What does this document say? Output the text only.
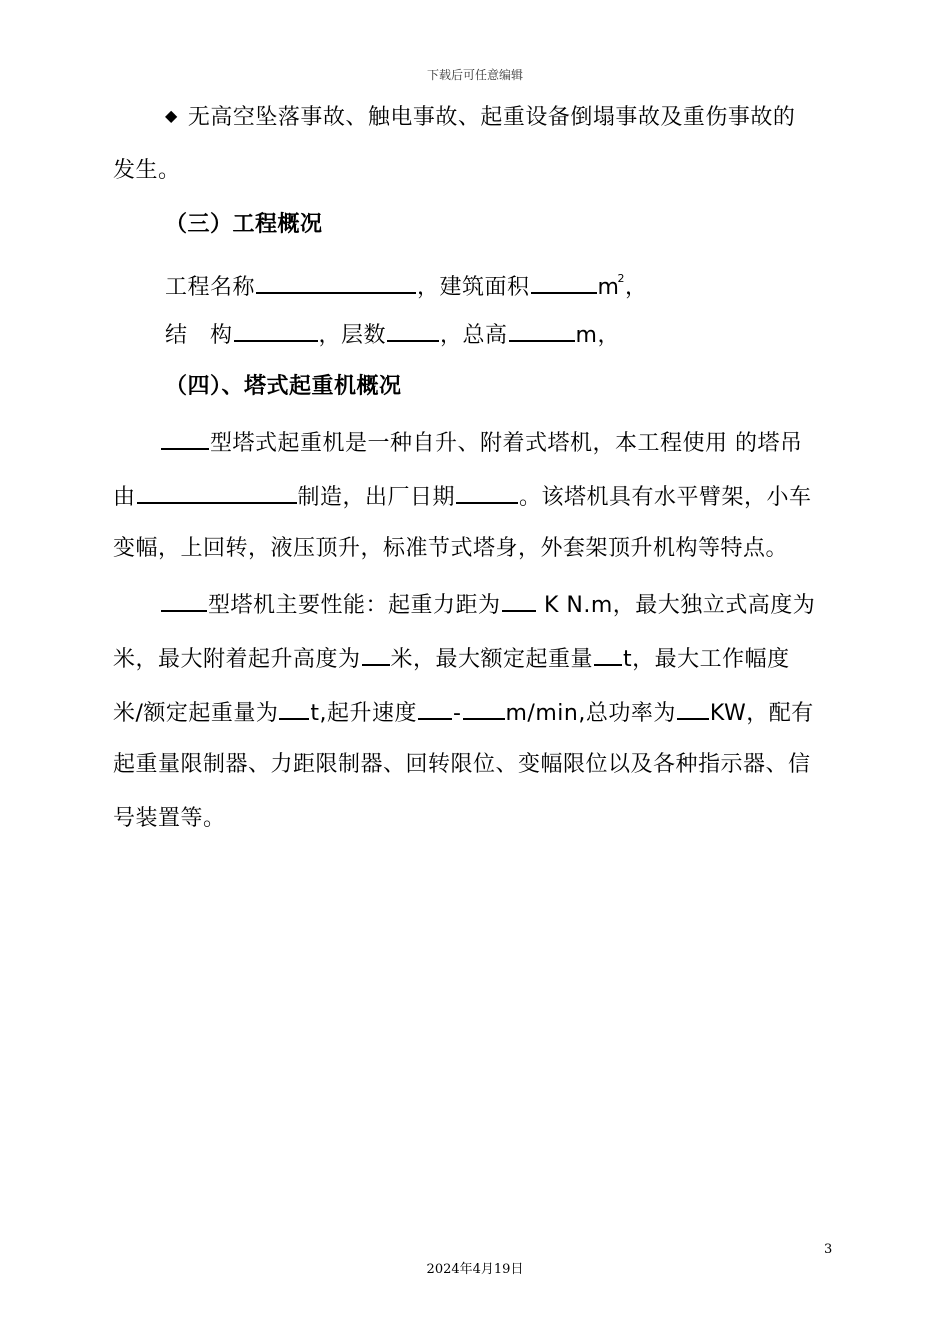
下载后可任意编辑
◆ 无高空坠落事故、触电事故、起重设备倒塌事故及重伤事故的
发生。
（三）工程概况
工程名称	，建筑面积	$m^2$，
结　构	，层数 ，总高	m，
（四）、塔式起重机概况
型塔式起重机是一种自升、附着式塔机，本工程使用 的塔吊
由	制造，出厂日期	。该塔机具有水平臂架，小车
变幅，上回转，液压顶升，标准节式塔身，外套架顶升机构等特点。
型塔机主要性能：起重力距为 K N.m，最大独立式高度为
米，最大附着起升高度为 米，最大额定起重量 t，最大工作幅度
米/额定起重量为 t,起升速度 - m/min,总功率为 KW，配有
起重量限制器、力距限制器、回转限位、变幅限位以及各种指示器、信
号装置等。
3
2024年4月19日
